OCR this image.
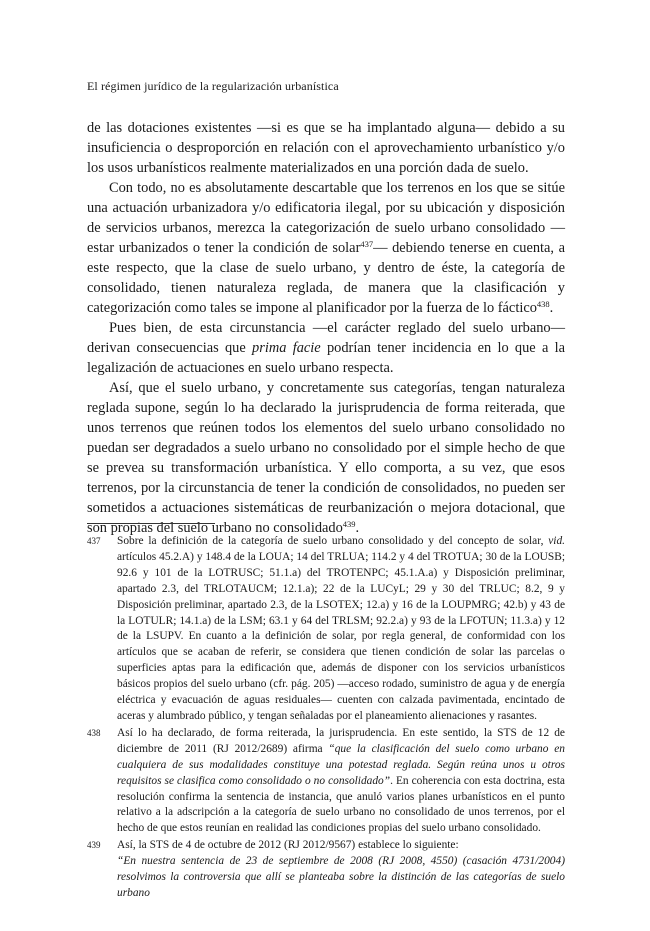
El régimen jurídico de la regularización urbanística

de las dotaciones existentes —si es que se ha implantado alguna— debido a su insuficiencia o desproporción en relación con el aprovechamiento urbanístico y/o los usos urbanísticos realmente materializados en una porción dada de suelo.

Con todo, no es absolutamente descartable que los terrenos en los que se sitúe una actuación urbanizadora y/o edificatoria ilegal, por su ubicación y disposición de servicios urbanos, merezca la categorización de suelo urbano consolidado —estar urbanizados o tener la condición de solar$^{437}$— debiendo tenerse en cuenta, a este respecto, que la clase de suelo urbano, y dentro de éste, la categoría de consolidado, tienen naturaleza reglada, de manera que la clasificación y categorización como tales se impone al planificador por la fuerza de lo fáctico$^{438}$.

Pues bien, de esta circunstancia —el carácter reglado del suelo urbano— derivan consecuencias que prima facie podrían tener incidencia en lo que a la legalización de actuaciones en suelo urbano respecta.

Así, que el suelo urbano, y concretamente sus categorías, tengan naturaleza reglada supone, según lo ha declarado la jurisprudencia de forma reiterada, que unos terrenos que reúnen todos los elementos del suelo urbano consolidado no puedan ser degradados a suelo urbano no consolidado por el simple hecho de que se prevea su transformación urbanística. Y ello comporta, a su vez, que esos terrenos, por la circunstancia de tener la condición de consolidados, no pueden ser sometidos a actuaciones sistemáticas de reurbanización o mejora dotacional, que son propias del suelo urbano no consolidado$^{439}$.

437	Sobre la definición de la categoría de suelo urbano consolidado y del concepto de solar, vid. artículos 45.2.A) y 148.4 de la LOUA; 14 del TRLUA; 114.2 y 4 del TROTUA; 30 de la LOUSB; 92.6 y 101 de la LOTRUSC; 51.1.a) del TROTENPC; 45.1.A.a) y Disposición preliminar, apartado 2.3, del TRLOTAUCM; 12.1.a); 22 de la LUCyL; 29 y 30 del TRLUC; 8.2, 9 y Disposición preliminar, apartado 2.3, de la LSOTEX; 12.a) y 16 de la LOUPMRG; 42.b) y 43 de la LOTULR; 14.1.a) de la LSM; 63.1 y 64 del TRLSM; 92.2.a) y 93 de la LFOTUN; 11.3.a) y 12 de la LSUPV. En cuanto a la definición de solar, por regla general, de conformidad con los artículos que se acaban de referir, se considera que tienen condición de solar las parcelas o superficies aptas para la edificación que, además de disponer con los servicios urbanísticos básicos propios del suelo urbano (cfr. pág. 205) —acceso rodado, suministro de agua y de energía eléctrica y evacuación de aguas residuales— cuenten con calzada pavimentada, encintado de aceras y alumbrado público, y tengan señaladas por el planeamiento alienaciones y rasantes.
438	Así lo ha declarado, de forma reiterada, la jurisprudencia. En este sentido, la STS de 12 de diciembre de 2011 (RJ 2012/2689) afirma “que la clasificación del suelo como urbano en cualquiera de sus modalidades constituye una potestad reglada. Según reúna unos u otros requisitos se clasifica como consolidado o no consolidado”. En coherencia con esta doctrina, esta resolución confirma la sentencia de instancia, que anuló varios planes urbanísticos en el punto relativo a la adscripción a la categoría de suelo urbano no consolidado de unos terrenos, por el hecho de que estos reunían en realidad las condiciones propias del suelo urbano consolidado.
439	Así, la STS de 4 de octubre de 2012 (RJ 2012/9567) establece lo siguiente:
“En nuestra sentencia de 23 de septiembre de 2008 (RJ 2008, 4550) (casación 4731/2004) resolvimos la controversia que allí se planteaba sobre la distinción de las categorías de suelo urbano
